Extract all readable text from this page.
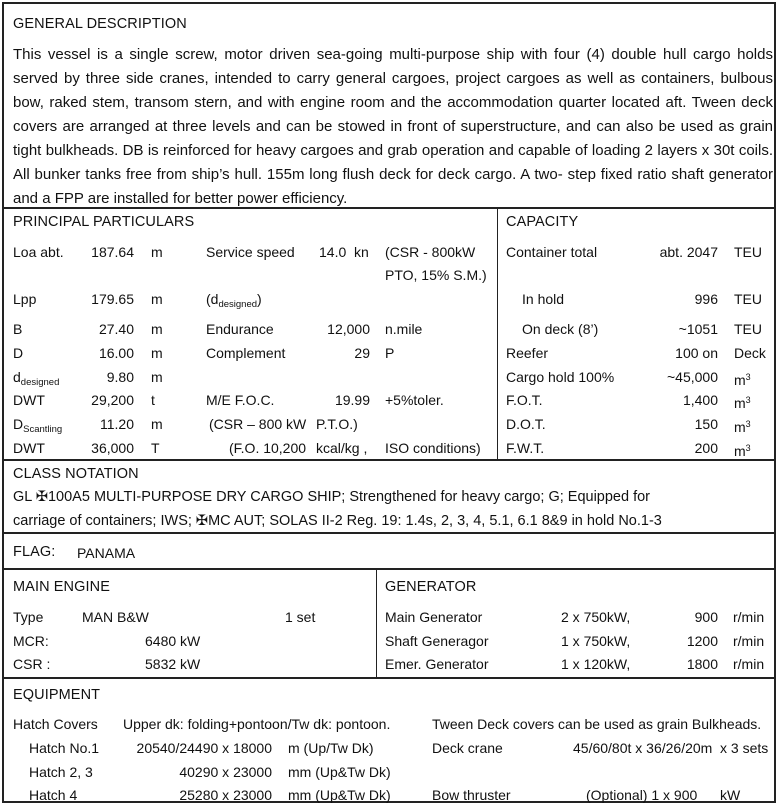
GENERAL DESCRIPTION
This vessel is a single screw, motor driven sea-going multi-purpose ship with four (4) double hull cargo holds served by three side cranes, intended to carry general cargoes, project cargoes as well as containers, bulbous bow, raked stem, transom stern, and with engine room and the accommodation quarter located aft. Tween deck covers are arranged at three levels and can be stowed in front of superstructure, and can also be used as grain tight bulkheads. DB is reinforced for heavy cargoes and grab operation and capable of loading 2 layers x 30t coils. All bunker tanks free from ship’s hull. 155m long flush deck for deck cargo. A two- step fixed ratio shaft generator and a FPP are installed for better power efficiency.
PRINCIPAL PARTICULARS
Loa abt.	187.64 m	Service speed 14.0 kn (CSR - 800kW
PTO, 15% S.M.)
Lpp	179.65 m	$(d_{designed})$
B	27.40 m	Endurance	12,000 n.mile
D	16.00 m	Complement	29 P
$d_{designed}$	9.80 m
DWT	29,200 t	M/E F.O.C.	19.99 +5%toler.
$D_{Scantling}$	11.20 m	(CSR – 800 kW P.T.O.)
DWT	36,000 T	(F.O. 10,200 kcal/kg , ISO conditions)
CAPACITY
Container total	abt. 2047 TEU
In hold	996 TEU
On deck (8’)	~1051 TEU
Reefer	100 on Deck
Cargo hold 100%	~45,000 $m^3$
F.O.T.	1,400 $m^3$
D.O.T.	150 $m^3$
F.W.T.	200 $m^3$
CLASS NOTATION
GL ✠100A5 MULTI-PURPOSE DRY CARGO SHIP; Strengthened for heavy cargo; G; Equipped for
carriage of containers; IWS; ✠MC AUT; SOLAS II-2 Reg. 19: 1.4s, 2, 3, 4, 5.1, 6.1 8&9 in hold No.1-3
FLAG: PANAMA
MAIN ENGINE
Type	MAN B&W	1 set
MCR:	6480 kW
CSR :	5832 kW
GENERATOR
Main Generator	2 x 750kW,	900 r/min
Shaft Generagor	1 x 750kW,	1200 r/min
Emer. Generator	1 x 120kW,	1800 r/min
EQUIPMENT
Hatch Covers Upper dk: folding+pontoon/Tw dk: pontoon.	Tween Deck covers can be used as grain Bulkheads.
Hatch No.1	20540/24490 x 18000 m (Up/Tw Dk)	Deck crane	45/60/80t x 36/26/20m x 3 sets
Hatch 2, 3	40290 x 23000 mm (Up&Tw Dk)
Hatch 4	25280 x 23000 mm (Up&Tw Dk)	Bow thruster	(Optional) 1 x 900 kW
